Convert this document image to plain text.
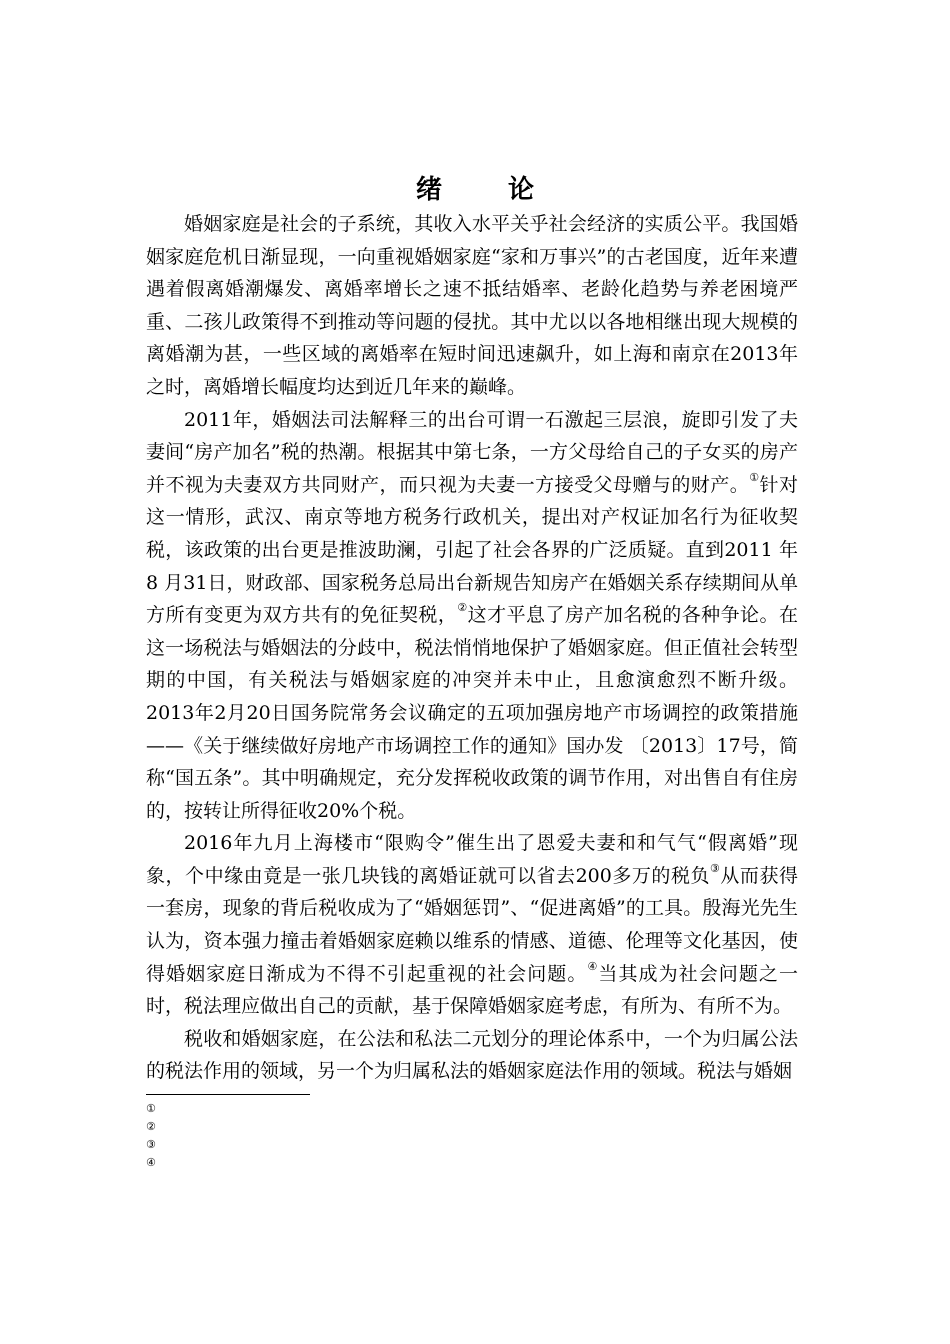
绪　论

婚姻家庭是社会的子系统，其收入水平关乎社会经济的实质公平。我国婚姻家庭危机日渐显现，一向重视婚姻家庭“家和万事兴”的古老国度，近年来遭遇着假离婚潮爆发、离婚率增长之速不抵结婚率、老龄化趋势与养老困境严重、二孩儿政策得不到推动等问题的侵扰。其中尤以以各地相继出现大规模的离婚潮为甚，一些区域的离婚率在短时间迅速飙升，如上海和南京在2013年之时，离婚增长幅度均达到近几年来的巅峰。

2011年，婚姻法司法解释三的出台可谓一石激起三层浪，旋即引发了夫妻间“房产加名”税的热潮。根据其中第七条，一方父母给自己的子女买的房产并不视为夫妻双方共同财产，而只视为夫妻一方接受父母赠与的财产。①针对这一情形，武汉、南京等地方税务行政机关，提出对产权证加名行为征收契税，该政策的出台更是推波助澜，引起了社会各界的广泛质疑。直到2011 年 8 月31日，财政部、国家税务总局出台新规告知房产在婚姻关系存续期间从单方所有变更为双方共有的免征契税，②这才平息了房产加名税的各种争论。在这一场税法与婚姻法的分歧中，税法悄悄地保护了婚姻家庭。但正值社会转型期的中国，有关税法与婚姻家庭的冲突并未中止，且愈演愈烈不断升级。2013年2月20日国务院常务会议确定的五项加强房地产市场调控的政策措施——《关于继续做好房地产市场调控工作的通知》国办发 〔2013〕17号，简称“国五条”。其中明确规定，充分发挥税收政策的调节作用，对出售自有住房的，按转让所得征收20%个税。

2016年九月上海楼市“限购令”催生出了恩爱夫妻和和气气“假离婚”现象，个中缘由竟是一张几块钱的离婚证就可以省去200多万的税负③从而获得一套房，现象的背后税收成为了“婚姻惩罚”、“促进离婚”的工具。殷海光先生认为，资本强力撞击着婚姻家庭赖以维系的情感、道德、伦理等文化基因，使得婚姻家庭日渐成为不得不引起重视的社会问题。④当其成为社会问题之一时，税法理应做出自己的贡献，基于保障婚姻家庭考虑，有所为、有所不为。

税收和婚姻家庭，在公法和私法二元划分的理论体系中，一个为归属公法的税法作用的领域，另一个为归属私法的婚姻家庭法作用的领域。税法与婚姻

①
②
③
④
